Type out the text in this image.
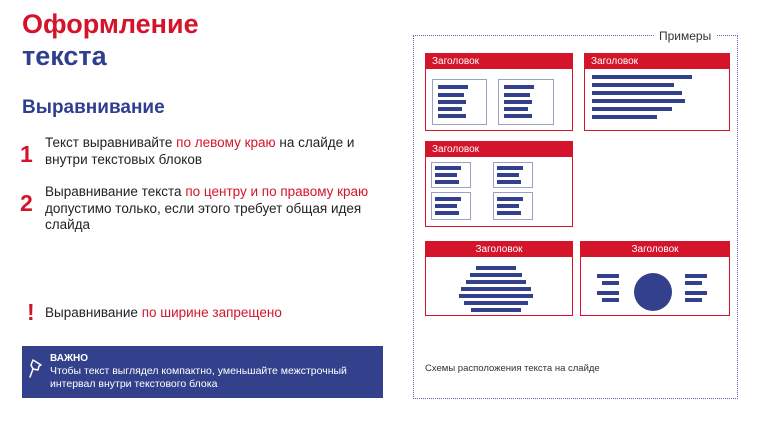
Оформление
текста
Выравнивание
1 Текст выравнивайте по левому краю на слайде и внутри текстовых блоков
2 Выравнивание текста по центру и по правому краю допустимо только, если этого требует общая идея слайда
! Выравнивание по ширине запрещено
ВАЖНО
Чтобы текст выглядел компактно, уменьшайте межстрочный интервал внутри текстового блока
Примеры
Заголовок	Заголовок
Заголовок
Заголовок	Заголовок
Схемы расположения текста на слайде
